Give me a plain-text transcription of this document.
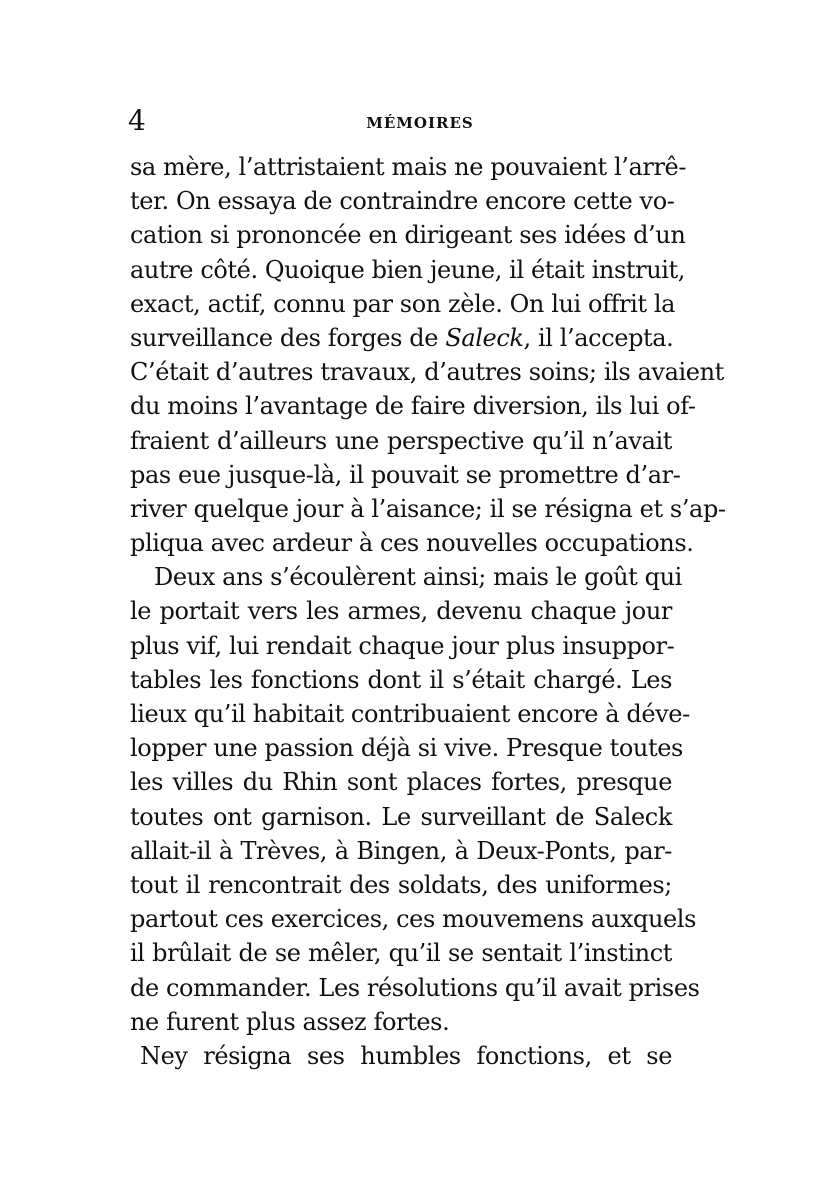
4	MÉMOIRES
sa mère, l’attristaient mais ne pouvaient l’arrê-
ter. On essaya de contraindre encore cette vo-
cation si prononcée en dirigeant ses idées d’un
autre côté. Quoique bien jeune, il était instruit,
exact, actif, connu par son zèle. On lui offrit la
surveillance des forges de Saleck, il l’accepta.
C’était d’autres travaux, d’autres soins; ils avaient
du moins l’avantage de faire diversion, ils lui of-
fraient d’ailleurs une perspective qu’il n’avait
pas eue jusque-là, il pouvait se promettre d’ar-
river quelque jour à l’aisance; il se résigna et s’ap-
pliqua avec ardeur à ces nouvelles occupations.
Deux ans s’écoulèrent ainsi; mais le goût qui
le portait vers les armes, devenu chaque jour
plus vif, lui rendait chaque jour plus insuppor-
tables les fonctions dont il s’était chargé. Les
lieux qu’il habitait contribuaient encore à déve-
lopper une passion déjà si vive. Presque toutes
les villes du Rhin sont places fortes, presque
toutes ont garnison. Le surveillant de Saleck
allait-il à Trèves, à Bingen, à Deux-Ponts, par-
tout il rencontrait des soldats, des uniformes;
partout ces exercices, ces mouvemens auxquels
il brûlait de se mêler, qu’il se sentait l’instinct
de commander. Les résolutions qu’il avait prises
ne furent plus assez fortes.
Ney résigna ses humbles fonctions, et se
